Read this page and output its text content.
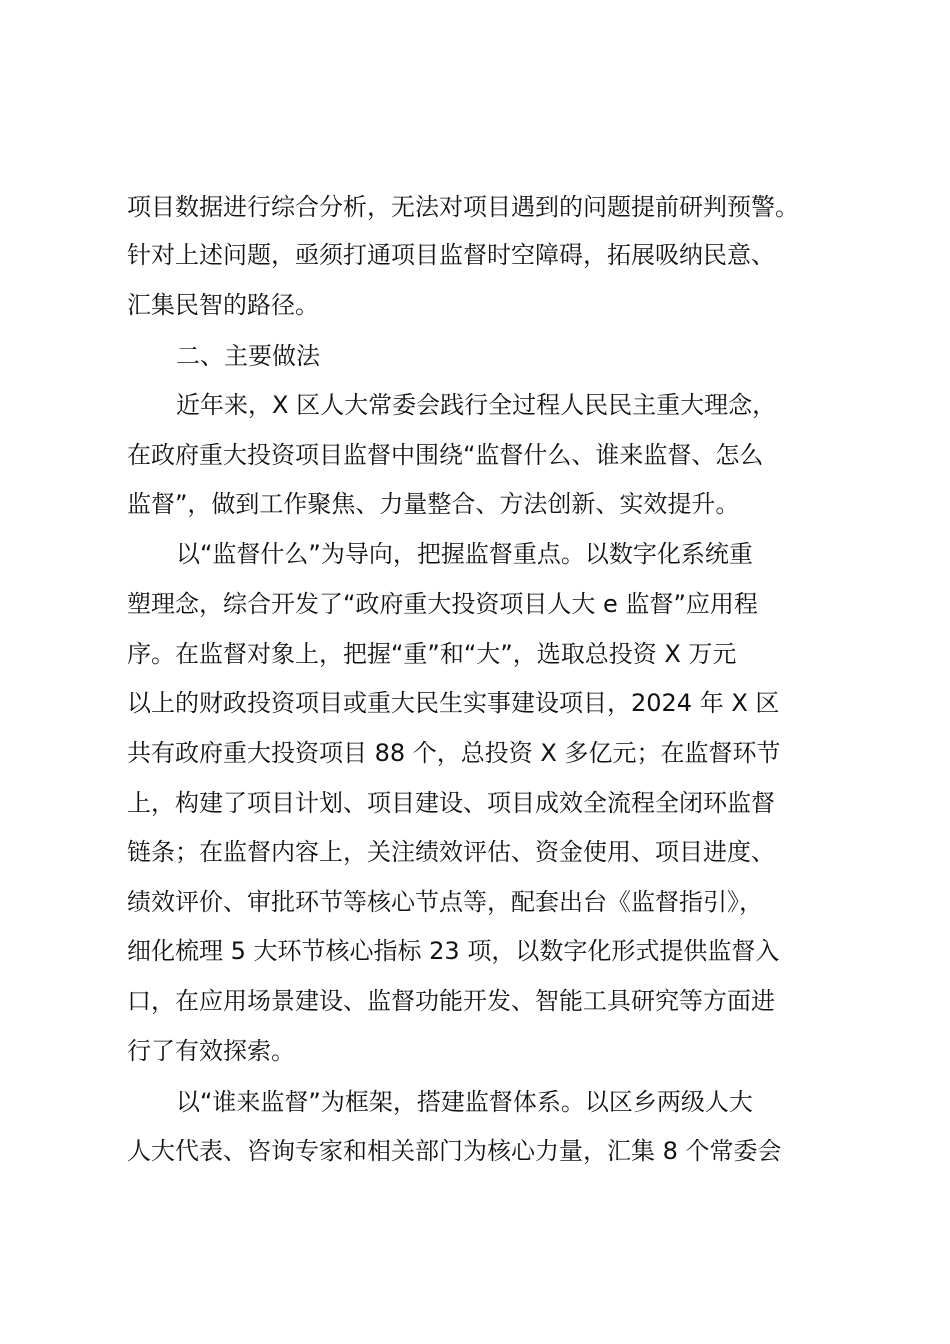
项目数据进行综合分析，无法对项目遇到的问题提前研判预警。
针对上述问题，亟须打通项目监督时空障碍，拓展吸纳民意、
汇集民智的路径。
二、主要做法
近年来，X 区人大常委会践行全过程人民民主重大理念，
在政府重大投资项目监督中围绕“监督什么、谁来监督、怎么
监督”，做到工作聚焦、力量整合、方法创新、实效提升。
以“监督什么”为导向，把握监督重点。以数字化系统重
塑理念，综合开发了“政府重大投资项目人大 e 监督”应用程
序。在监督对象上，把握“重”和“大”，选取总投资 X 万元
以上的财政投资项目或重大民生实事建设项目，2024 年 X 区
共有政府重大投资项目 88 个，总投资 X 多亿元；在监督环节
上，构建了项目计划、项目建设、项目成效全流程全闭环监督
链条；在监督内容上，关注绩效评估、资金使用、项目进度、
绩效评价、审批环节等核心节点等，配套出台《监督指引》，
细化梳理 5 大环节核心指标 23 项，以数字化形式提供监督入
口，在应用场景建设、监督功能开发、智能工具研究等方面进
行了有效探索。
以“谁来监督”为框架，搭建监督体系。以区乡两级人大
人大代表、咨询专家和相关部门为核心力量，汇集 8 个常委会
